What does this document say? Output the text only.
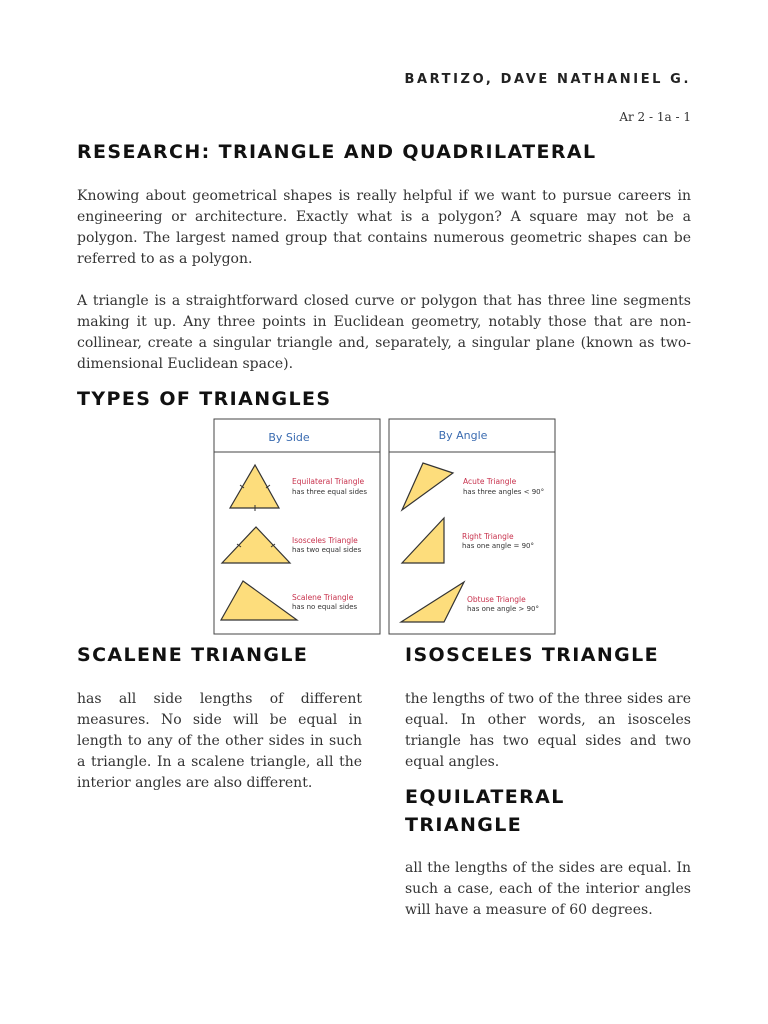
BARTIZO, DAVE NATHANIEL G.
Ar 2 - 1a - 1
RESEARCH: TRIANGLE AND QUADRILATERAL

Knowing about geometrical shapes is really helpful if we want to pursue careers in engineering or architecture. Exactly what is a polygon? A square may not be a polygon. The largest named group that contains numerous geometric shapes can be referred to as a polygon.

A triangle is a straightforward closed curve or polygon that has three line segments making it up. Any three points in Euclidean geometry, notably those that are non-collinear, create a singular triangle and, separately, a singular plane (known as two-dimensional Euclidean space).

TYPES OF TRIANGLES
By Side
Equilateral Triangle
has three equal sides
Isosceles Triangle
has two equal sides
Scalene Triangle
has no equal sides
By Angle
Acute Triangle
has three angles < 90°
Right Triangle
has one angle = 90°
Obtuse Triangle
has one angle > 90°
SCALENE TRIANGLE

has all side lengths of different measures. No side will be equal in length to any of the other sides in such a triangle. In a scalene triangle, all the interior angles are also different.

ISOSCELES TRIANGLE

the lengths of two of the three sides are equal. In other words, an isosceles triangle has two equal sides and two equal angles.

EQUILATERAL
TRIANGLE

all the lengths of the sides are equal. In such a case, each of the interior angles will have a measure of 60 degrees.
